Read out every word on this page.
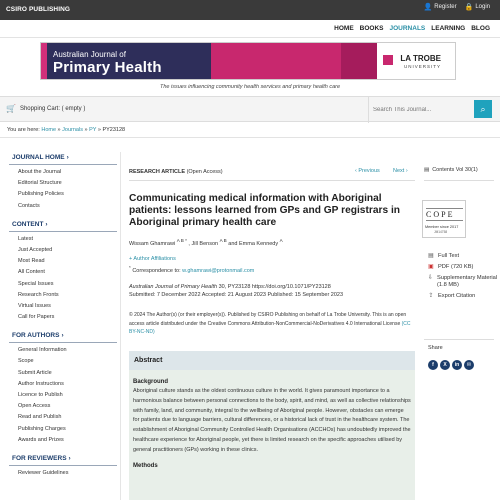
CSIRO PUBLISHING	👤 Register 🔒 Login
HOME BOOKS JOURNALS LEARNING BLOG
Australian Journal of
Primary Health
LA TROBE
UNIVERSITY
The issues influencing community health services and primary health care
🛒 Shopping Cart: ( empty )
Search This Journal...	⌕
You are here: Home » Journals » PY » PY23128
JOURNAL HOME ›
About the Journal
Editorial Structure
Publishing Policies
Contacts
CONTENT ›
Latest
Just Accepted
Most Read
All Content
Special Issues
Research Fronts
Virtual Issues
Call for Papers
FOR AUTHORS ›
General Information
Scope
Submit Article
Author Instructions
Licence to Publish
Open Access
Read and Publish
Publishing Charges
Awards and Prizes
FOR REVIEWERS ›
Reviewer Guidelines
RESEARCH ARTICLE (Open Access)	‹ Previous Next ›
Communicating medical information with Aboriginal patients: lessons learned from GPs and GP registrars in Aboriginal primary health care
Wissam Ghamrawi $^{A B *}$ , Jill Benson $^{A B}$ and Emma Kennedy $^A$
+ Author Affiliations
* Correspondence to: w.ghamrawi@protonmail.com
Australian Journal of Primary Health 30, PY23128 https://doi.org/10.1071/PY23128
Submitted: 7 December 2022 Accepted: 21 August 2023 Published: 15 September 2023
© 2024 The Author(s) (or their employer(s)). Published by CSIRO Publishing on behalf of La Trobe University. This is an open access article distributed under the Creative Commons Attribution-NonCommercial-NoDerivatives 4.0 International License (CC BY-NC-ND)
Abstract
Background
Aboriginal culture stands as the oldest continuous culture in the world. It gives paramount importance to a harmonious balance between personal connections to the body, spirit, and mind, as well as collective relationships with family, land, and community, integral to the wellbeing of Aboriginal people. However, obstacles can emerge for patients due to language barriers, cultural differences, or a historical lack of trust in the healthcare system. The establishment of Aboriginal Community Controlled Health Organisations (ACCHOs) has undoubtedly improved the healthcare experience for Aboriginal people, yet there is limited research on the specific approaches utilised by general practitioners (GPs) working in these clinics.
Methods
▤ Contents Vol 30(1)
COPE
Member since 2017
JM14758
▤ Full Text
▣ PDF (720 KB)
⇩ Supplementary Material (1.8 MB)
⇪ Export Citation
Share
f	X	in	✉
